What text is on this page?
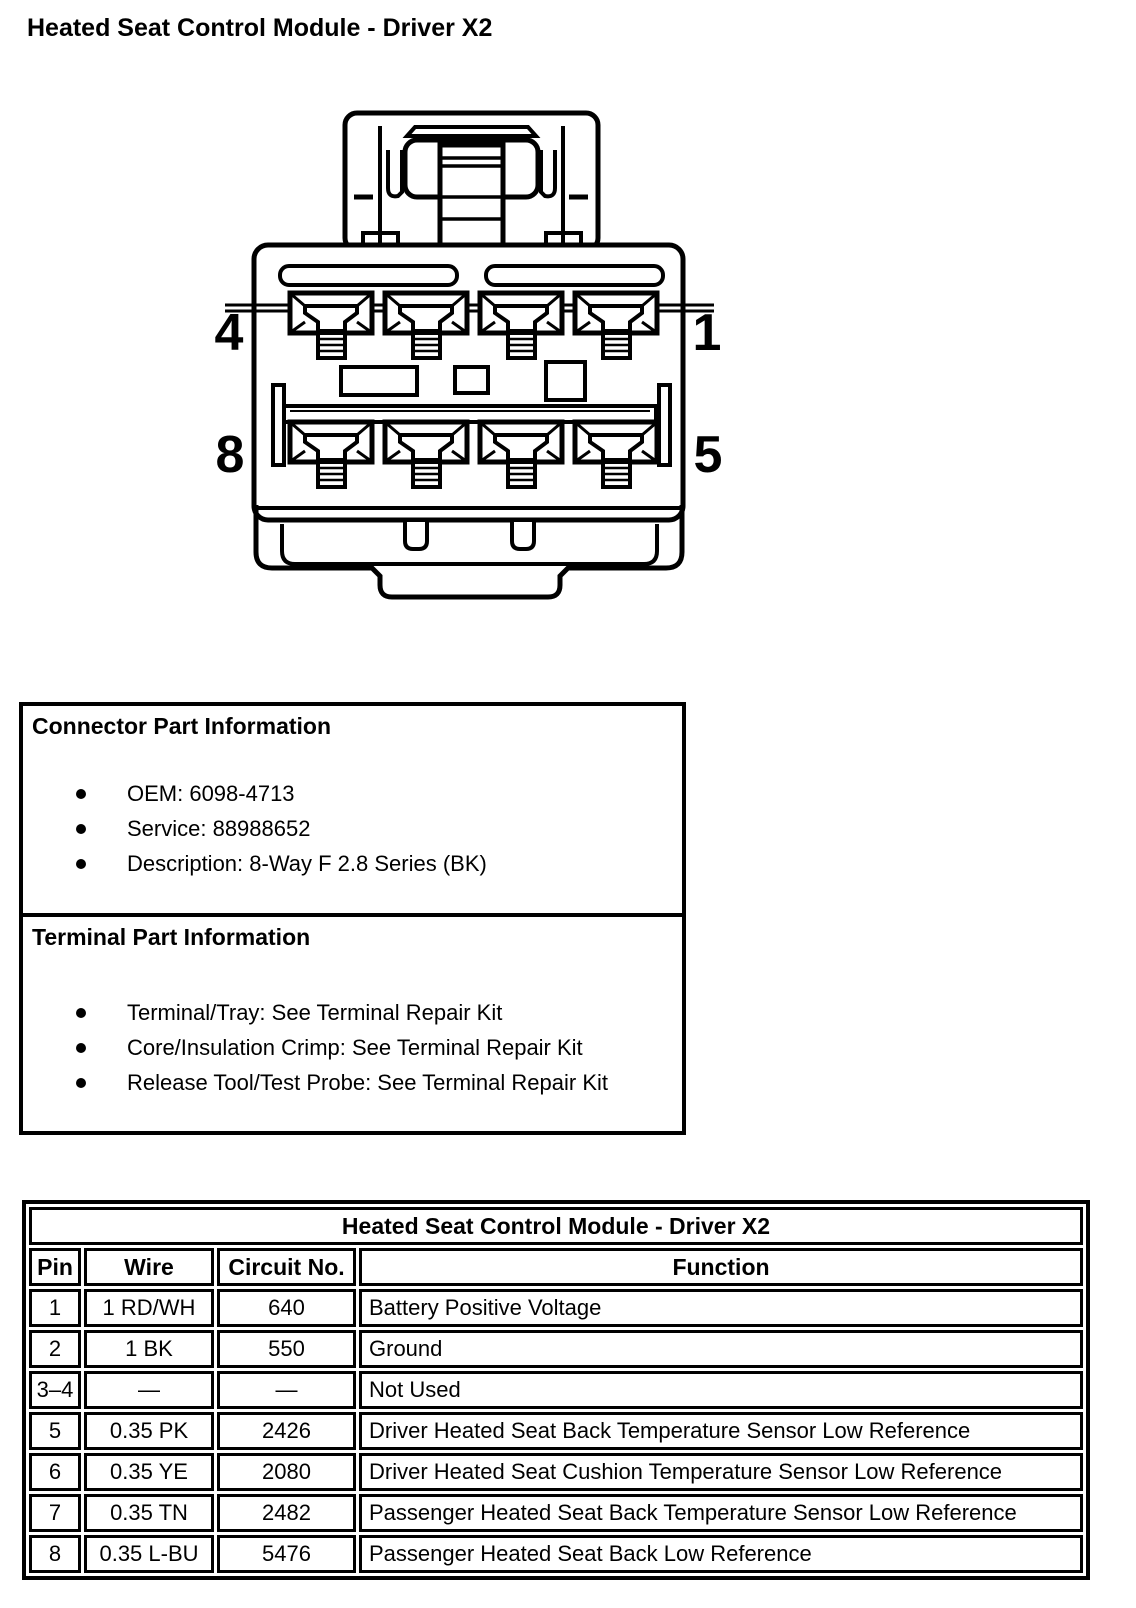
Heated Seat Control Module - Driver X2
4	1
8	5
Connector Part Information
OEM: 6098-4713
Service: 88988652
Description: 8-Way F 2.8 Series (BK)
Terminal Part Information
Terminal/Tray: See Terminal Repair Kit
Core/Insulation Crimp: See Terminal Repair Kit
Release Tool/Test Probe: See Terminal Repair Kit
Heated Seat Control Module - Driver X2			
Pin	Wire	Circuit No.	Function
1	1 RD/WH	640	Battery Positive Voltage
2	1 BK	550	Ground
3–4	—	—	Not Used
5	0.35 PK	2426	Driver Heated Seat Back Temperature Sensor Low Reference
6	0.35 YE	2080	Driver Heated Seat Cushion Temperature Sensor Low Reference
7	0.35 TN	2482	Passenger Heated Seat Back Temperature Sensor Low Reference
8	0.35 L-BU	5476	Passenger Heated Seat Back Low Reference
